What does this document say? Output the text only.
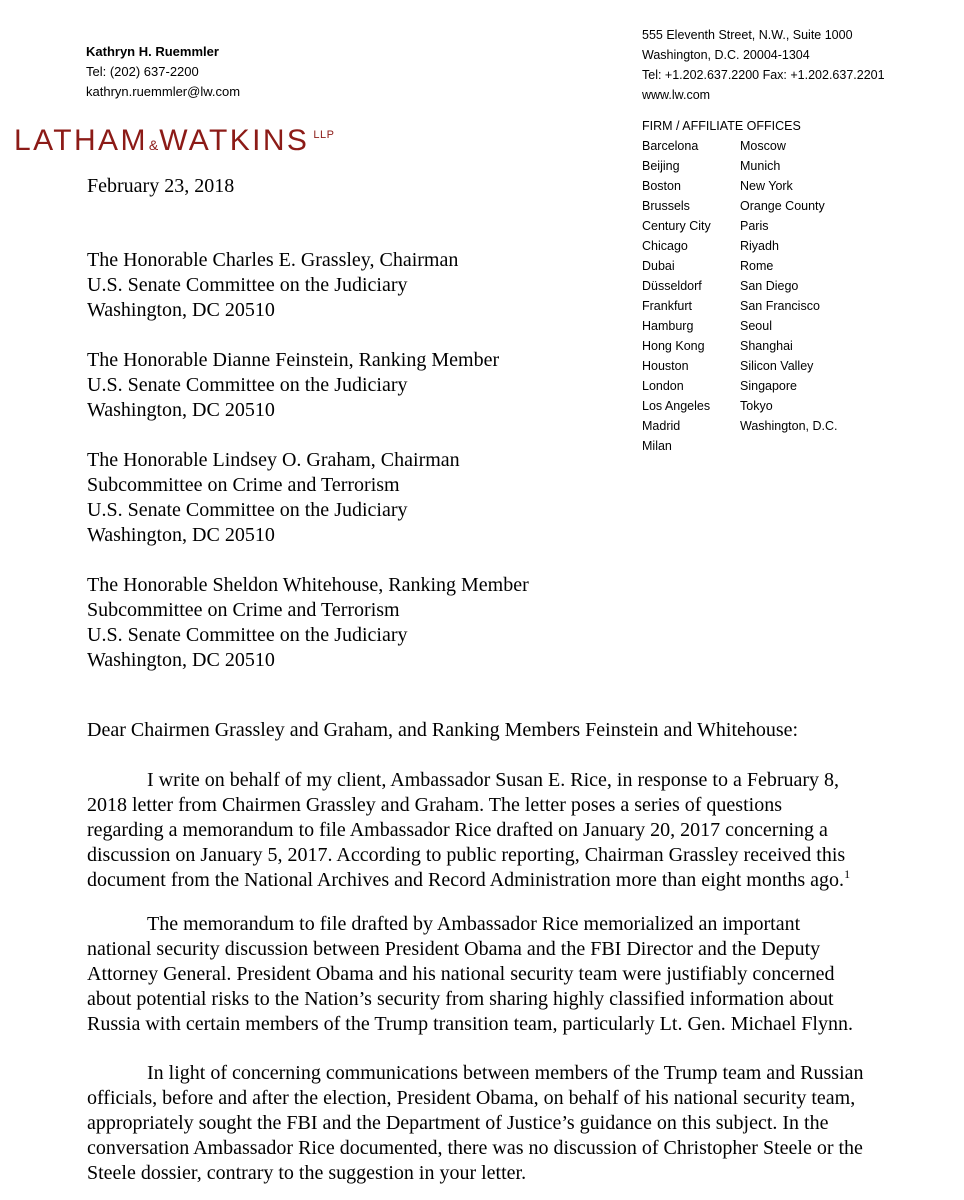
Kathryn H. Ruemmler
Tel: (202) 637-2200
kathryn.ruemmler@lw.com
LATHAM&WATKINS $^{LLP}$
555 Eleventh Street, N.W., Suite 1000
Washington, D.C. 20004-1304
Tel: +1.202.637.2200 Fax: +1.202.637.2201
www.lw.com
FIRM / AFFILIATE OFFICES
Barcelona
Beijing
Boston
Brussels
Century City
Chicago
Dubai
Düsseldorf
Frankfurt
Hamburg
Hong Kong
Houston
London
Los Angeles
Madrid
Milan
Moscow
Munich
New York
Orange County
Paris
Riyadh
Rome
San Diego
San Francisco
Seoul
Shanghai
Silicon Valley
Singapore
Tokyo
Washington, D.C.
February 23, 2018
The Honorable Charles E. Grassley, Chairman
U.S. Senate Committee on the Judiciary
Washington, DC 20510
The Honorable Dianne Feinstein, Ranking Member
U.S. Senate Committee on the Judiciary
Washington, DC 20510
The Honorable Lindsey O. Graham, Chairman
Subcommittee on Crime and Terrorism
U.S. Senate Committee on the Judiciary
Washington, DC 20510
The Honorable Sheldon Whitehouse, Ranking Member
Subcommittee on Crime and Terrorism
U.S. Senate Committee on the Judiciary
Washington, DC 20510
Dear Chairmen Grassley and Graham, and Ranking Members Feinstein and Whitehouse:
I write on behalf of my client, Ambassador Susan E. Rice, in response to a February 8,
2018 letter from Chairmen Grassley and Graham. The letter poses a series of questions
regarding a memorandum to file Ambassador Rice drafted on January 20, 2017 concerning a
discussion on January 5, 2017. According to public reporting, Chairman Grassley received this
document from the National Archives and Record Administration more than eight months ago.$^1$
The memorandum to file drafted by Ambassador Rice memorialized an important
national security discussion between President Obama and the FBI Director and the Deputy
Attorney General. President Obama and his national security team were justifiably concerned
about potential risks to the Nation’s security from sharing highly classified information about
Russia with certain members of the Trump transition team, particularly Lt. Gen. Michael Flynn.
In light of concerning communications between members of the Trump team and Russian
officials, before and after the election, President Obama, on behalf of his national security team,
appropriately sought the FBI and the Department of Justice’s guidance on this subject. In the
conversation Ambassador Rice documented, there was no discussion of Christopher Steele or the
Steele dossier, contrary to the suggestion in your letter.
